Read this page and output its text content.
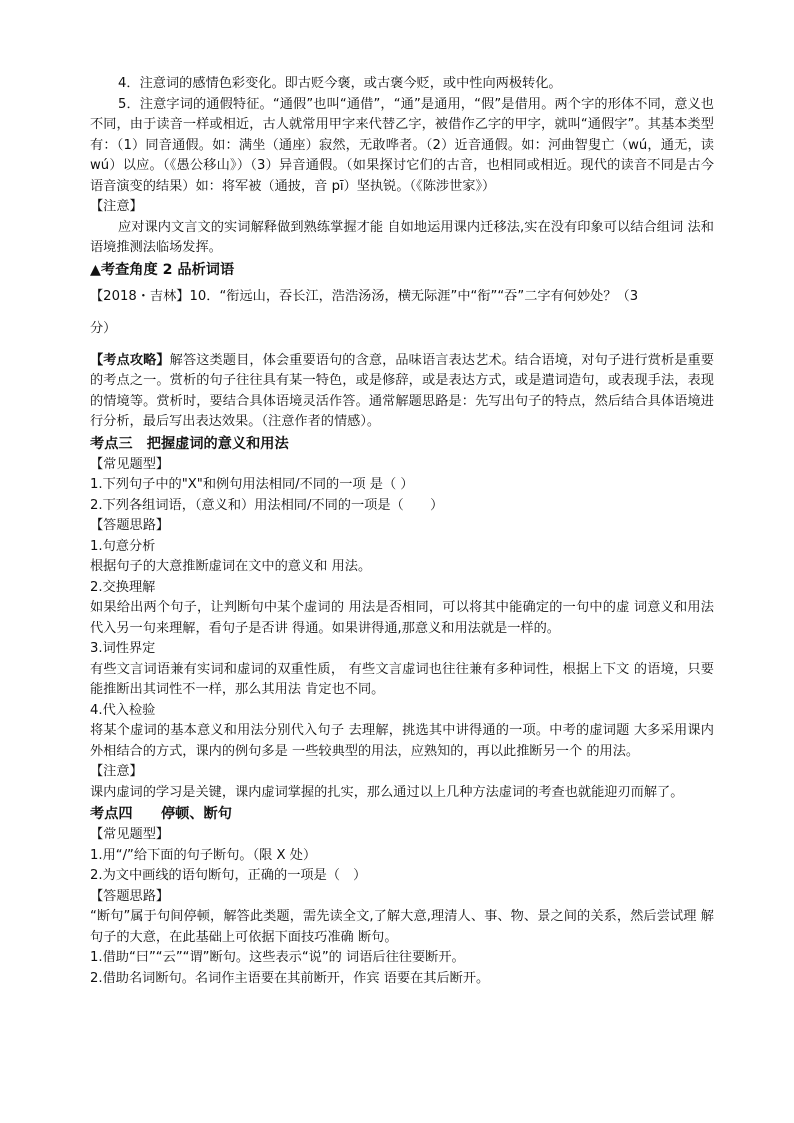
4．注意词的感情色彩变化。即古贬今褒，或古褒今贬，或中性向两极转化。

5．注意字词的通假特征。“通假”也叫“通借”，“通”是通用，“假”是借用。两个字的形体不同，意义也不同，由于读音一样或相近，古人就常用甲字来代替乙字，被借作乙字的甲字，就叫“通假字”。其基本类型有：（1）同音通假。如：满坐（通座）寂然，无敢哗者。（2）近音通假。如：河曲智叟亡（wú，通无，读 wú）以应。（《愚公移山》）（3）异音通假。（如果探讨它们的古音，也相同或相近。现代的读音不同是古今语音演变的结果）如：将军被（通披，音 pī）坚执锐。（《陈涉世家》）

【注意】

应对课内文言文的实词解释做到熟练掌握才能 自如地运用课内迁移法,实在没有印象可以结合组词 法和语境推测法临场发挥。

▲考查角度 2 品析词语

【2018・吉林】10．“衔远山，吞长江，浩浩汤汤，横无际涯”中“衔”“吞”二字有何妙处？（3

分）

【考点攻略】解答这类题目，体会重要语句的含意，品味语言表达艺术。结合语境，对句子进行赏析是重要的考点之一。赏析的句子往往具有某一特色，或是修辞，或是表达方式，或是遣词造句，或表现手法，表现的情境等。赏析时，要结合具体语境灵活作答。通常解题思路是：先写出句子的特点，然后结合具体语境进行分析，最后写出表达效果。（注意作者的情感）。

考点三　把握虚词的意义和用法

【常见题型】

1.下列句子中的"X"和例句用法相同/不同的一项 是（ ）

2.下列各组词语，（意义和）用法相同/不同的一项是（　　）

【答题思路】

1.句意分析

根据句子的大意推断虚词在文中的意义和 用法。

2.交换理解

如果给出两个句子，让判断句中某个虚词的 用法是否相同，可以将其中能确定的一句中的虚 词意义和用法代入另一句来理解，看句子是否讲 得通。如果讲得通,那意义和用法就是一样的。

3.词性界定

有些文言词语兼有实词和虚词的双重性质， 有些文言虚词也往往兼有多种词性，根据上下文 的语境，只要能推断出其词性不一样，那么其用法 肯定也不同。

4.代入检验

将某个虚词的基本意义和用法分别代入句子 去理解，挑选其中讲得通的一项。中考的虚词题 大多采用课内外相结合的方式，课内的例句多是 一些较典型的用法，应熟知的，再以此推断另一个 的用法。

【注意】

课内虚词的学习是关键，课内虚词掌握的扎实，那么通过以上几种方法虚词的考查也就能迎刃而解了。

考点四　　停顿、断句

【常见题型】

1.用“/”给下面的句子断句。（限 X 处）

2.为文中画线的语句断句，正确的一项是（　）

【答题思路】

“断句”属于句间停顿，解答此类题，需先读全文,了解大意,理清人、事、物、景之间的关系，然后尝试理 解句子的大意，在此基础上可依据下面技巧准确 断句。

1.借助“曰”“云”“谓”断句。这些表示“说”的 词语后往往要断开。

2.借助名词断句。名词作主语要在其前断开，作宾 语要在其后断开。
